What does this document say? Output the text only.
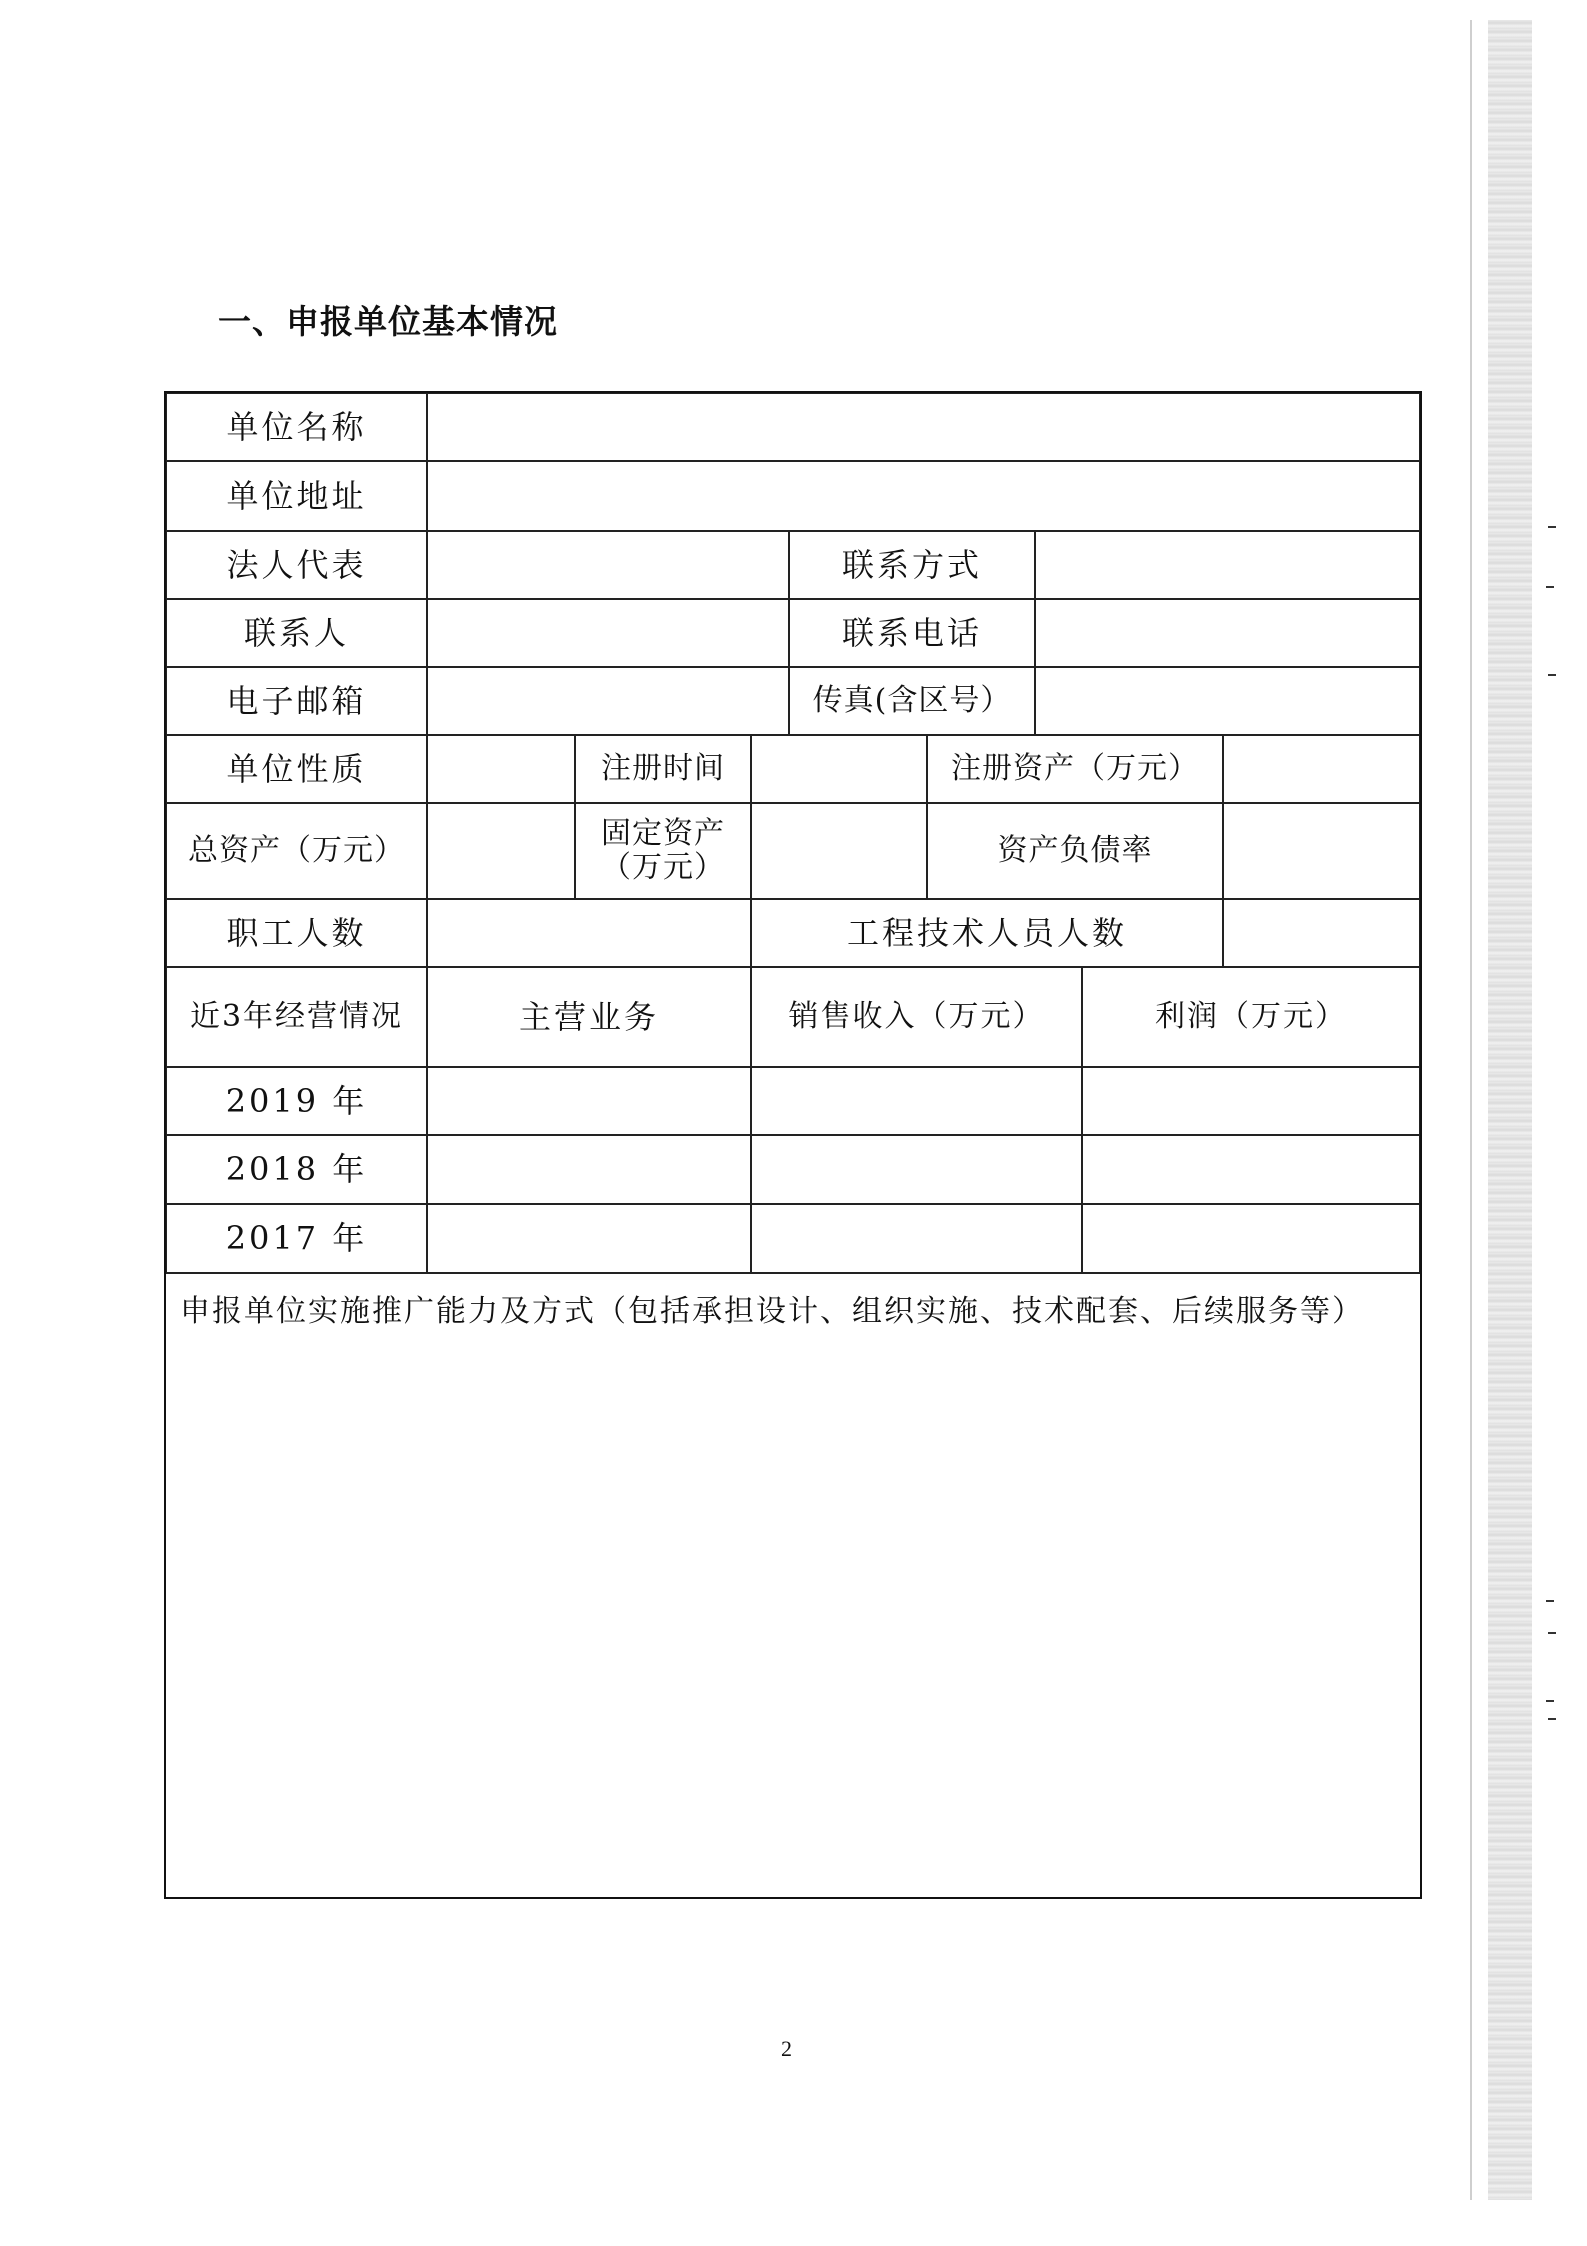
一、申报单位基本情况
单位名称
单位地址
法人代表	联系方式
联系人	联系电话
电子邮箱	传真(含区号）
单位性质	注册时间	注册资产（万元）
总资产（万元）	固定资产（万元）	资产负债率
职工人数	工程技术人员人数
近3年经营情况	主营业务	销售收入（万元）	利润（万元）
2019 年
2018 年
2017 年
申报单位实施推广能力及方式（包括承担设计、组织实施、技术配套、后续服务等）
2
